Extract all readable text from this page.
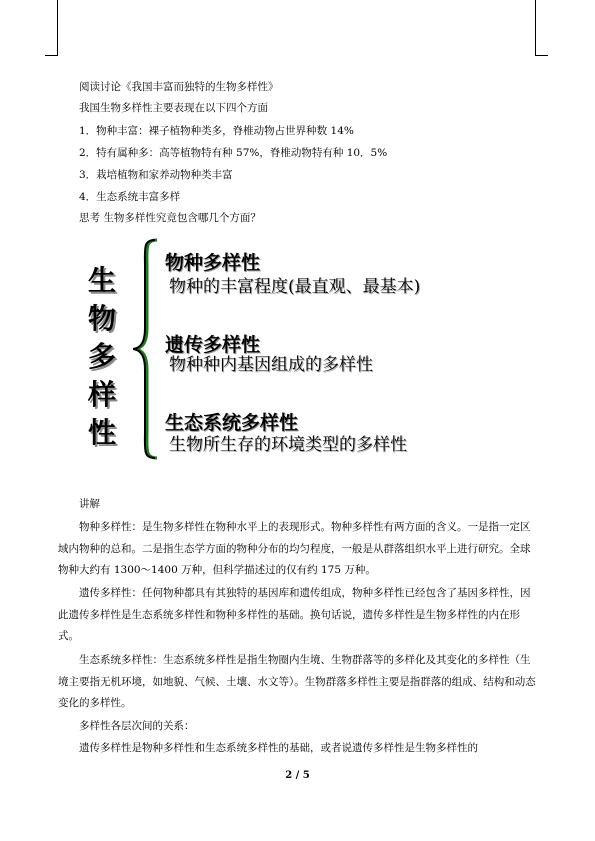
阅读讨论《我国丰富而独特的生物多样性》
我国生物多样性主要表现在以下四个方面
1．物种丰富：裸子植物种类多，脊椎动物占世界种数 14%
2．特有属种多：高等植物特有种 57%，脊椎动物特有种 10．5%
3．栽培植物和家养动物种类丰富
4．生态系统丰富多样
思考 生物多样性究竟包含哪几个方面？
生
物
多
样
性
物种多样性
物种的丰富程度(最直观、最基本)
遗传多样性
物种种内基因组成的多样性
生态系统多样性
生物所生存的环境类型的多样性
讲解
物种多样性：是生物多样性在物种水平上的表现形式。物种多样性有两方面的含义。一是指一定区域内物种的总和。二是指生态学方面的物种分布的均匀程度，一般是从群落组织水平上进行研究。全球物种大约有 1300～1400 万种，但科学描述过的仅有约 175 万种。
遗传多样性：任何物种都具有其独特的基因库和遗传组成，物种多样性已经包含了基因多样性，因此遗传多样性是生态系统多样性和物种多样性的基础。换句话说，遗传多样性是生物多样性的内在形式。
生态系统多样性：生态系统多样性是指生物圈内生境、生物群落等的多样化及其变化的多样性（生境主要指无机环境，如地貌、气候、土壤、水文等）。生物群落多样性主要是指群落的组成、结构和动态变化的多样性。
多样性各层次间的关系：
遗传多样性是物种多样性和生态系统多样性的基础，或者说遗传多样性是生物多样性的
2 / 5
